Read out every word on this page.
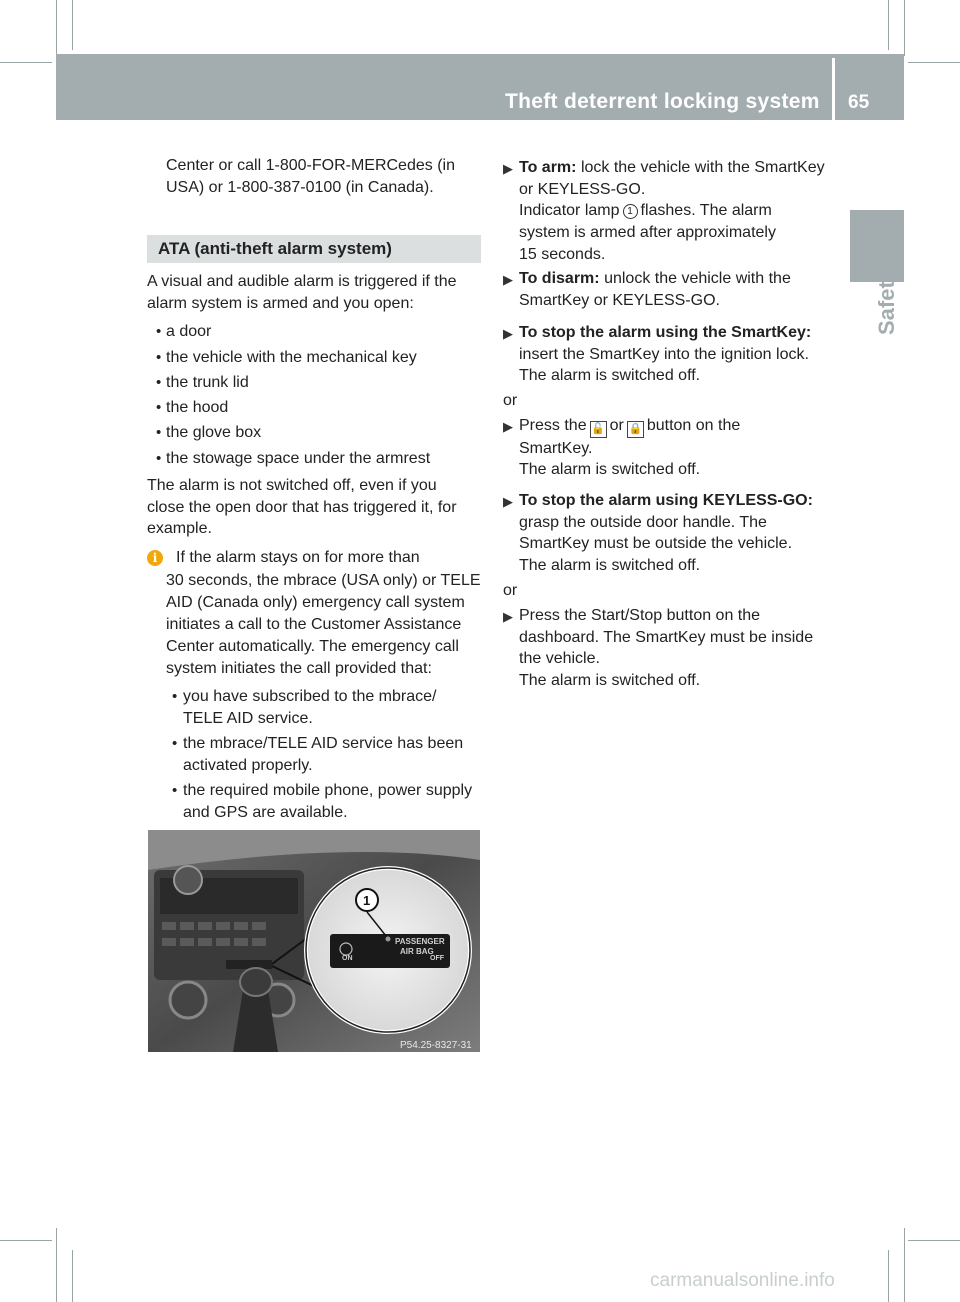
Theft deterrent locking system 65
Safety
Center or call 1-800-FOR-MERCedes (in
USA) or 1-800-387-0100 (in Canada).
ATA (anti-theft alarm system)
A visual and audible alarm is triggered if the
alarm system is armed and you open:
• a door
• the vehicle with the mechanical key
• the trunk lid
• the hood
• the glove box
• the stowage space under the armrest
The alarm is not switched off, even if you
close the open door that has triggered it, for
example.
i	If the alarm stays on for more than
30 seconds, the mbrace (USA only) or TELE
AID (Canada only) emergency call system
initiates a call to the Customer Assistance
Center automatically. The emergency call
system initiates the call provided that:
• you have subscribed to the mbrace/
TELE AID service.
• the mbrace/TELE AID service has been
activated properly.
• the required mobile phone, power supply
and GPS are available.
PASSENGER
AIR BAG
ON	OFF
1
P54.25-8327-31
▶ To arm: lock the vehicle with the SmartKey
or KEYLESS-GO.
Indicator lamp 1 flashes. The alarm
system is armed after approximately
15 seconds.
▶ To disarm: unlock the vehicle with the
SmartKey or KEYLESS-GO.
▶ To stop the alarm using the SmartKey:
insert the SmartKey into the ignition lock.
The alarm is switched off.
or
▶ Press the 🔓 or 🔒 button on the
SmartKey.
The alarm is switched off.
▶ To stop the alarm using KEYLESS-GO:
grasp the outside door handle. The
SmartKey must be outside the vehicle.
The alarm is switched off.
or
▶ Press the Start/Stop button on the
dashboard. The SmartKey must be inside
the vehicle.
The alarm is switched off.
carmanualsonline.info
